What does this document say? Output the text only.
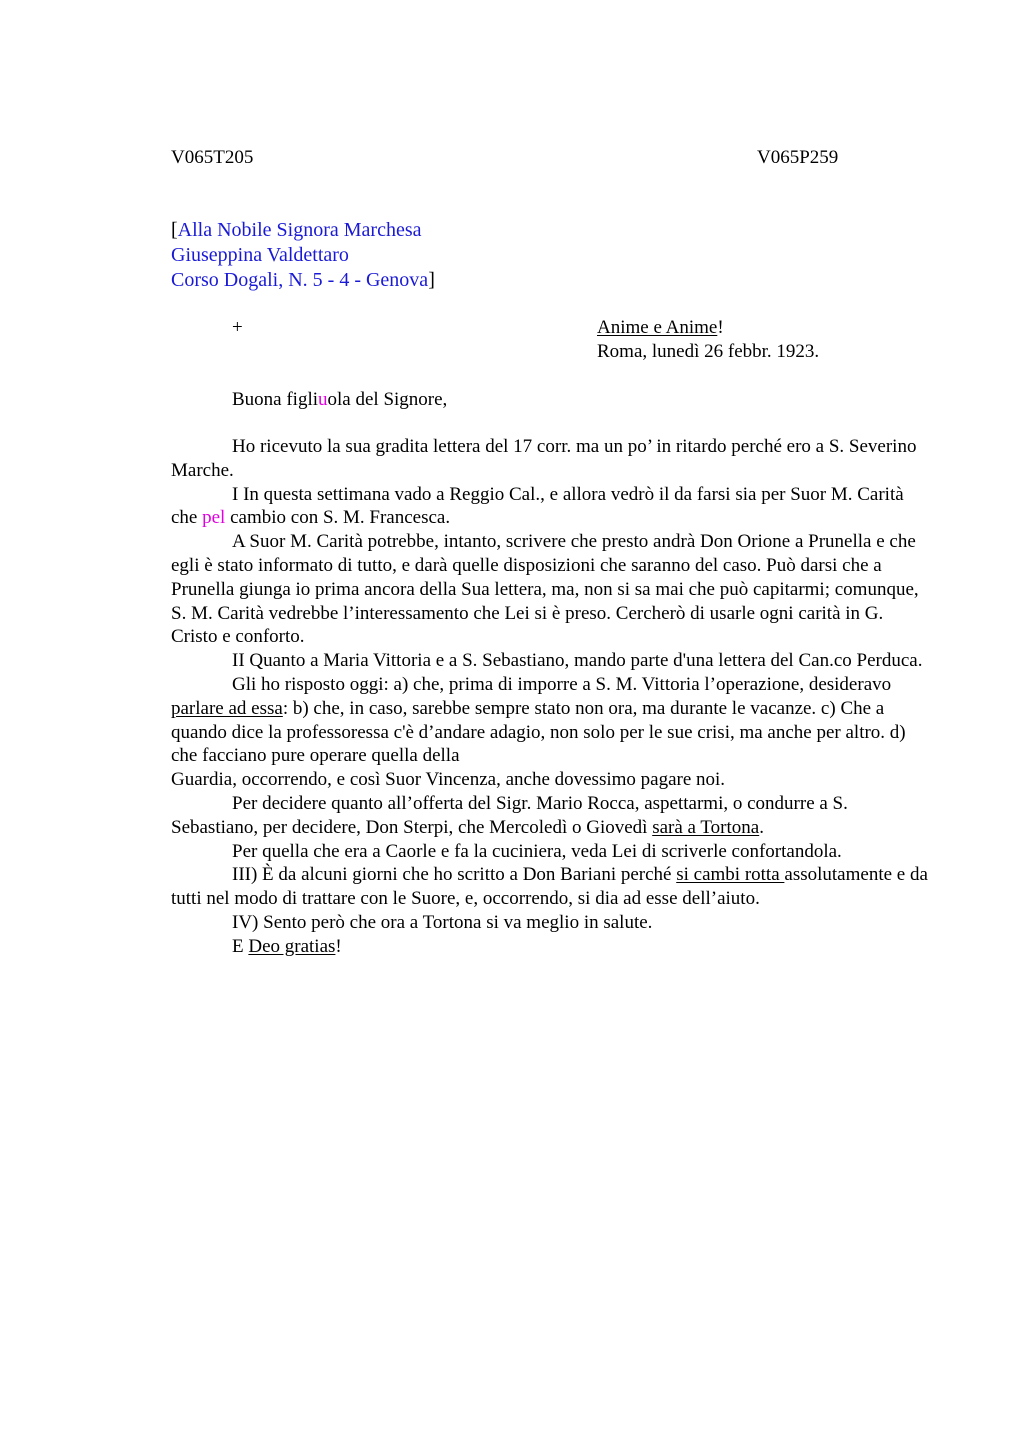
V065T205	V065P259
[Alla Nobile Signora Marchesa
Giuseppina Valdettaro
Corso Dogali, N. 5 - 4 - Genova]
+	Anime e Anime!
Roma, lunedì 26 febbr. 1923.
Buona figliuola del Signore,

Ho ricevuto la sua gradita lettera del 17 corr. ma un po’ in ritardo perché ero a S. Severino Marche.

I In questa settimana vado a Reggio Cal., e allora vedrò il da farsi sia per Suor M. Carità che pel cambio con S. M. Francesca.

A Suor M. Carità potrebbe, intanto, scrivere che presto andrà Don Orione a Prunella e che egli è stato informato di tutto, e darà quelle disposizioni che saranno del caso. Può darsi che a Prunella giunga io prima ancora della Sua lettera, ma, non si sa mai che può capitarmi; comunque, S. M. Carità vedrebbe l’interessamento che Lei si è preso. Cercherò di usarle ogni carità in G. Cristo e conforto.

II Quanto a Maria Vittoria e a S. Sebastiano, mando parte d'una lettera del Can.co Perduca.

Gli ho risposto oggi: a) che, prima di imporre a S. M. Vittoria l’operazione, desideravo parlare ad essa: b) che, in caso, sarebbe sempre stato non ora, ma durante le vacanze. c) Che a quando dice la professoressa c'è d’andare adagio, non solo per le sue crisi, ma anche per altro. d) che facciano pure operare quella della

Guardia, occorrendo, e così Suor Vincenza, anche dovessimo pagare noi.

Per decidere quanto all’offerta del Sigr. Mario Rocca, aspettarmi, o condurre a S. Sebastiano, per decidere, Don Sterpi, che Mercoledì o Giovedì sarà a Tortona.

Per quella che era a Caorle e fa la cuciniera, veda Lei di scriverle confortandola.

III) È da alcuni giorni che ho scritto a Don Bariani perché si cambi rotta assolutamente e da tutti nel modo di trattare con le Suore, e, occorrendo, si dia ad esse dell’aiuto.

IV) Sento però che ora a Tortona si va meglio in salute.

E Deo gratias!
